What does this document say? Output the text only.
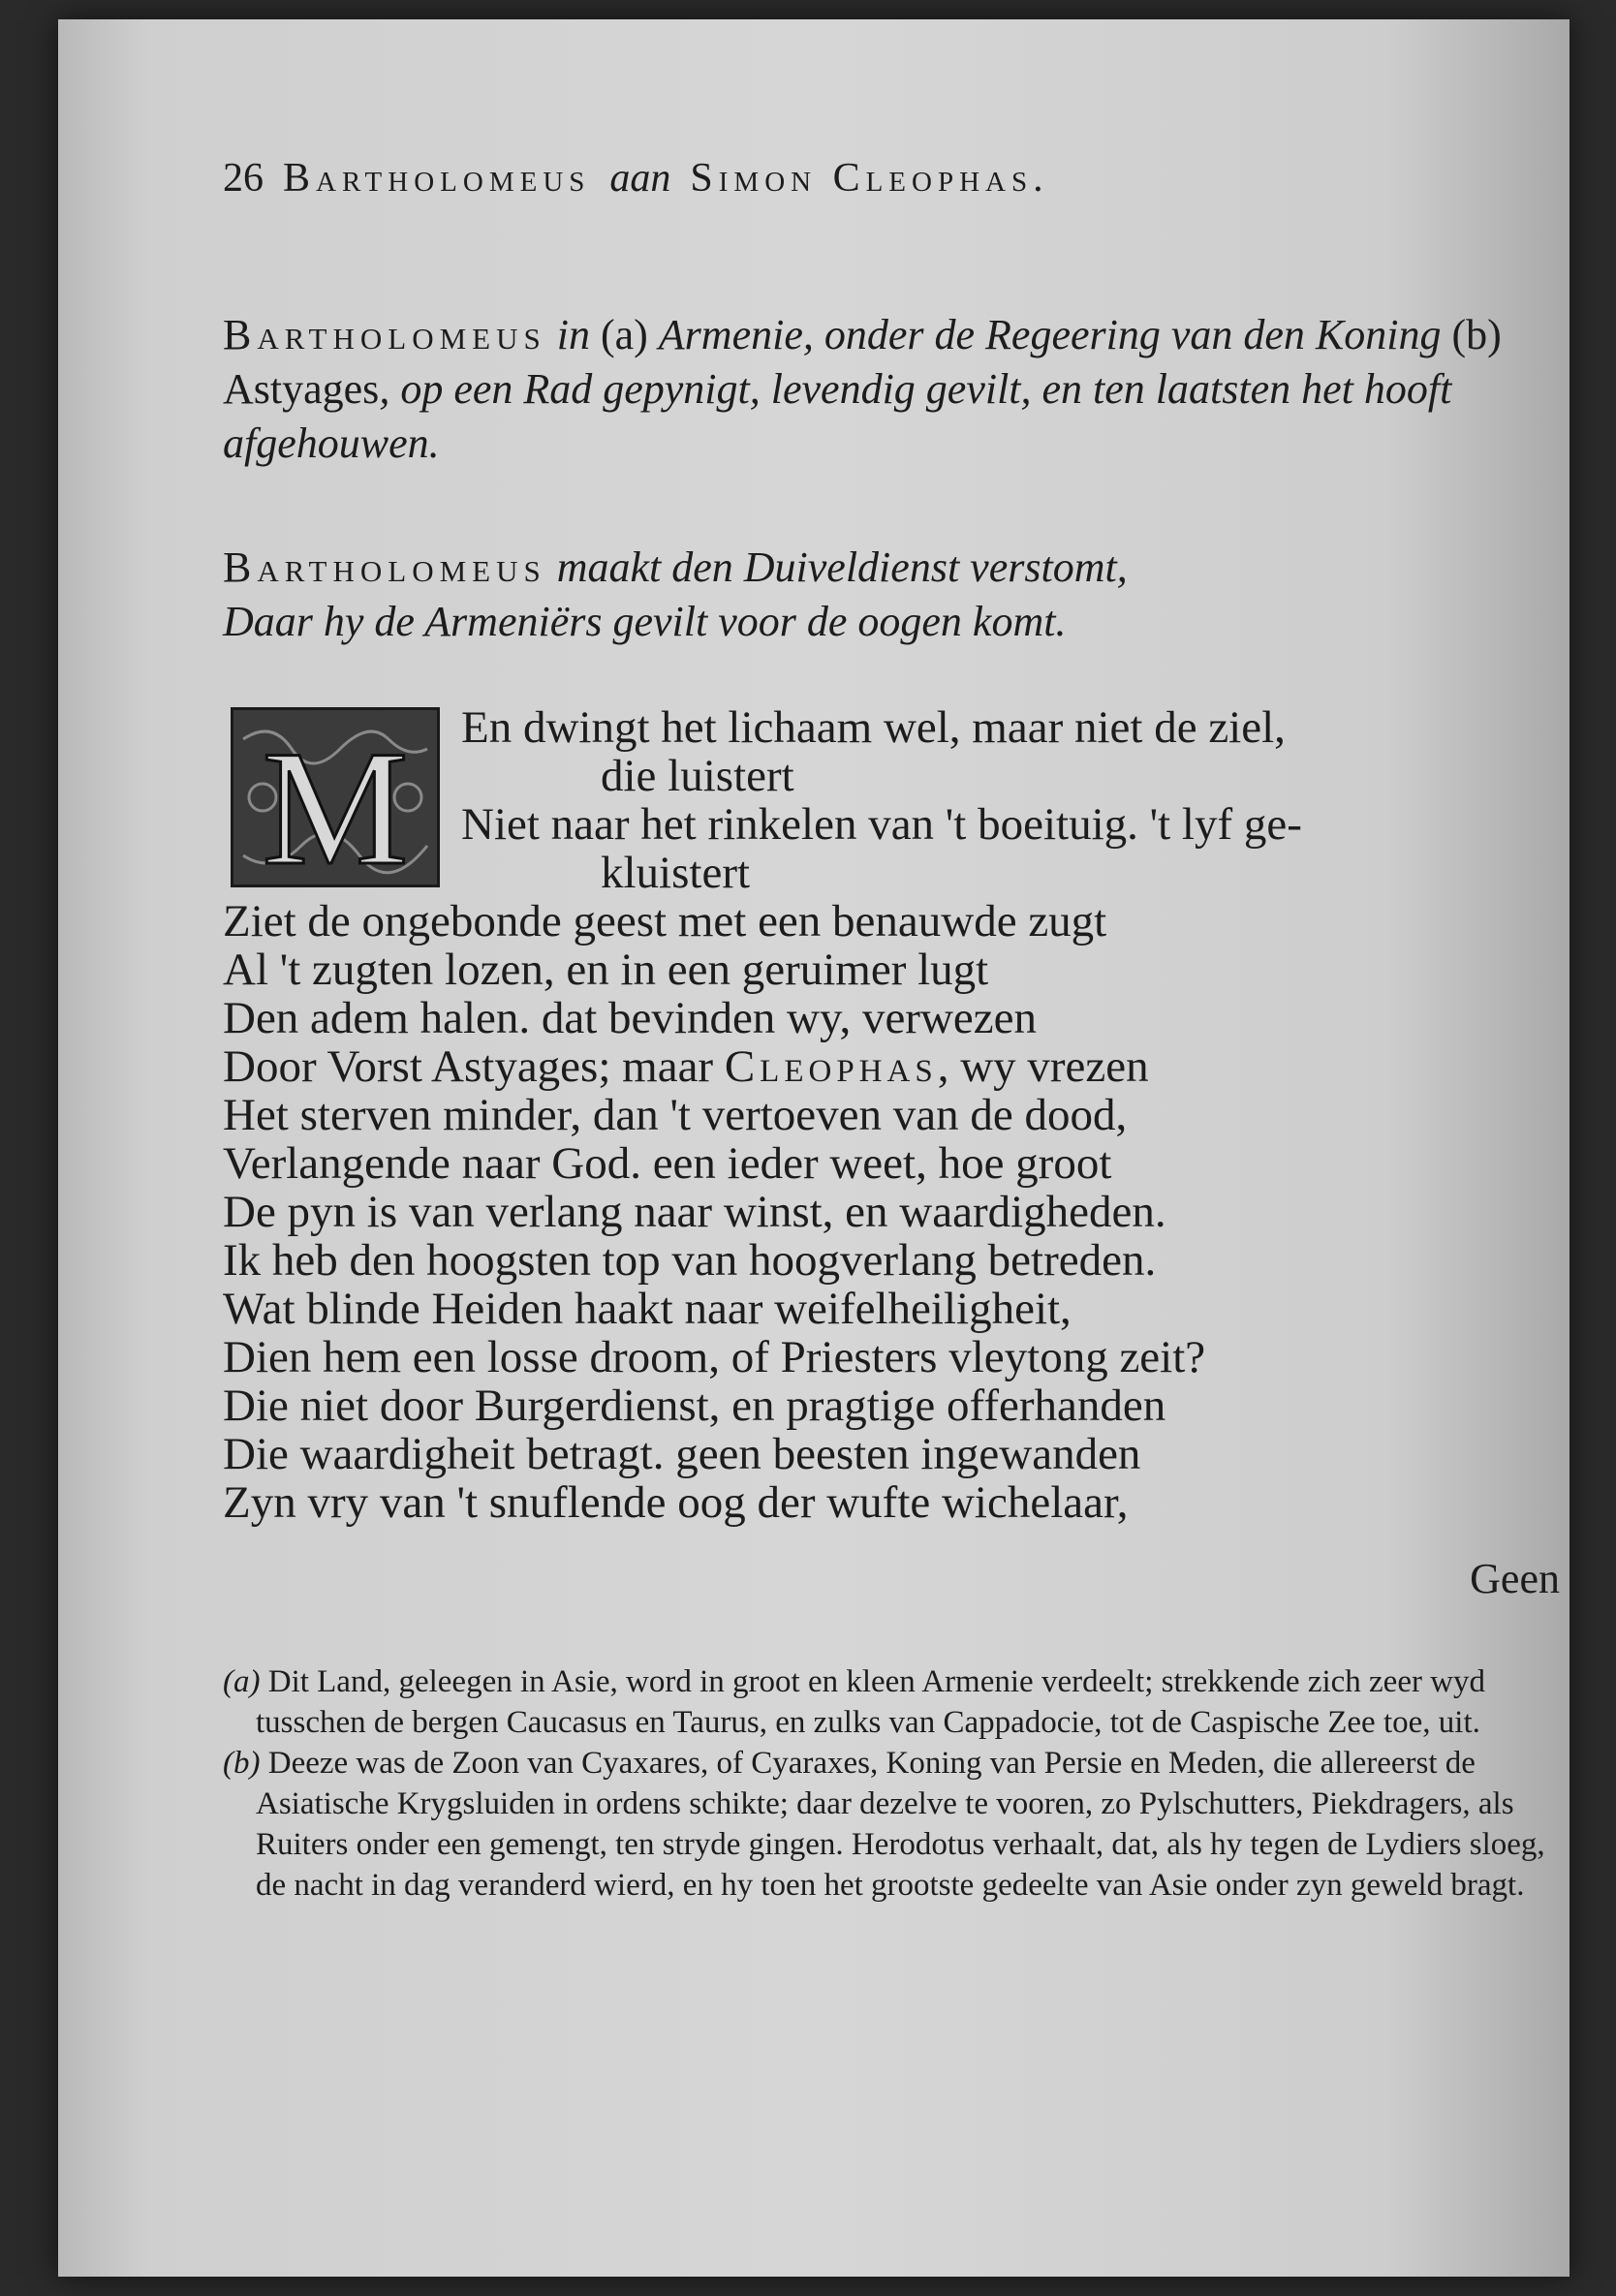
26 Bartholomeus aan Simon Cleophas.
Bartholomeus in (a) Armenie, onder de Regeering van den Koning (b) Astyages, op een Rad gepynigt, levendig gevilt, en ten laatsten het hooft afgehouwen.
Bartholomeus maakt den Duiveldienst verstomt,
Daar hy de Armeniërs gevilt voor de oogen komt.
M	En dwingt het lichaam wel, maar niet de ziel,
die luistert
Niet naar het rinkelen van 't boeituig. 't lyf ge-
kluistert
Ziet de ongebonde geest met een benauwde zugt
Al 't zugten lozen, en in een geruimer lugt
Den adem halen. dat bevinden wy, verwezen
Door Vorst Astyages; maar Cleophas, wy vrezen
Het sterven minder, dan 't vertoeven van de dood,
Verlangende naar God. een ieder weet, hoe groot
De pyn is van verlang naar winst, en waardigheden.
Ik heb den hoogsten top van hoogverlang betreden.
Wat blinde Heiden haakt naar weifelheiligheit,
Dien hem een losse droom, of Priesters vleytong zeit?
Die niet door Burgerdienst, en pragtige offerhanden
Die waardigheit betragt. geen beesten ingewanden
Zyn vry van 't snuflende oog der wufte wichelaar,
Geen

(a) Dit Land, geleegen in Asie, word in groot en kleen Armenie verdeelt; strekkende zich zeer wyd tusschen de bergen Caucasus en Taurus, en zulks van Cappadocie, tot de Caspische Zee toe, uit.

(b) Deeze was de Zoon van Cyaxares, of Cyaraxes, Koning van Persie en Meden, die allereerst de Asiatische Krygsluiden in ordens schikte; daar dezelve te vooren, zo Pylschutters, Piekdragers, als Ruiters onder een gemengt, ten stryde gingen. Herodotus verhaalt, dat, als hy tegen de Lydiers sloeg, de nacht in dag veranderd wierd, en hy toen het grootste gedeelte van Asie onder zyn geweld bragt.
